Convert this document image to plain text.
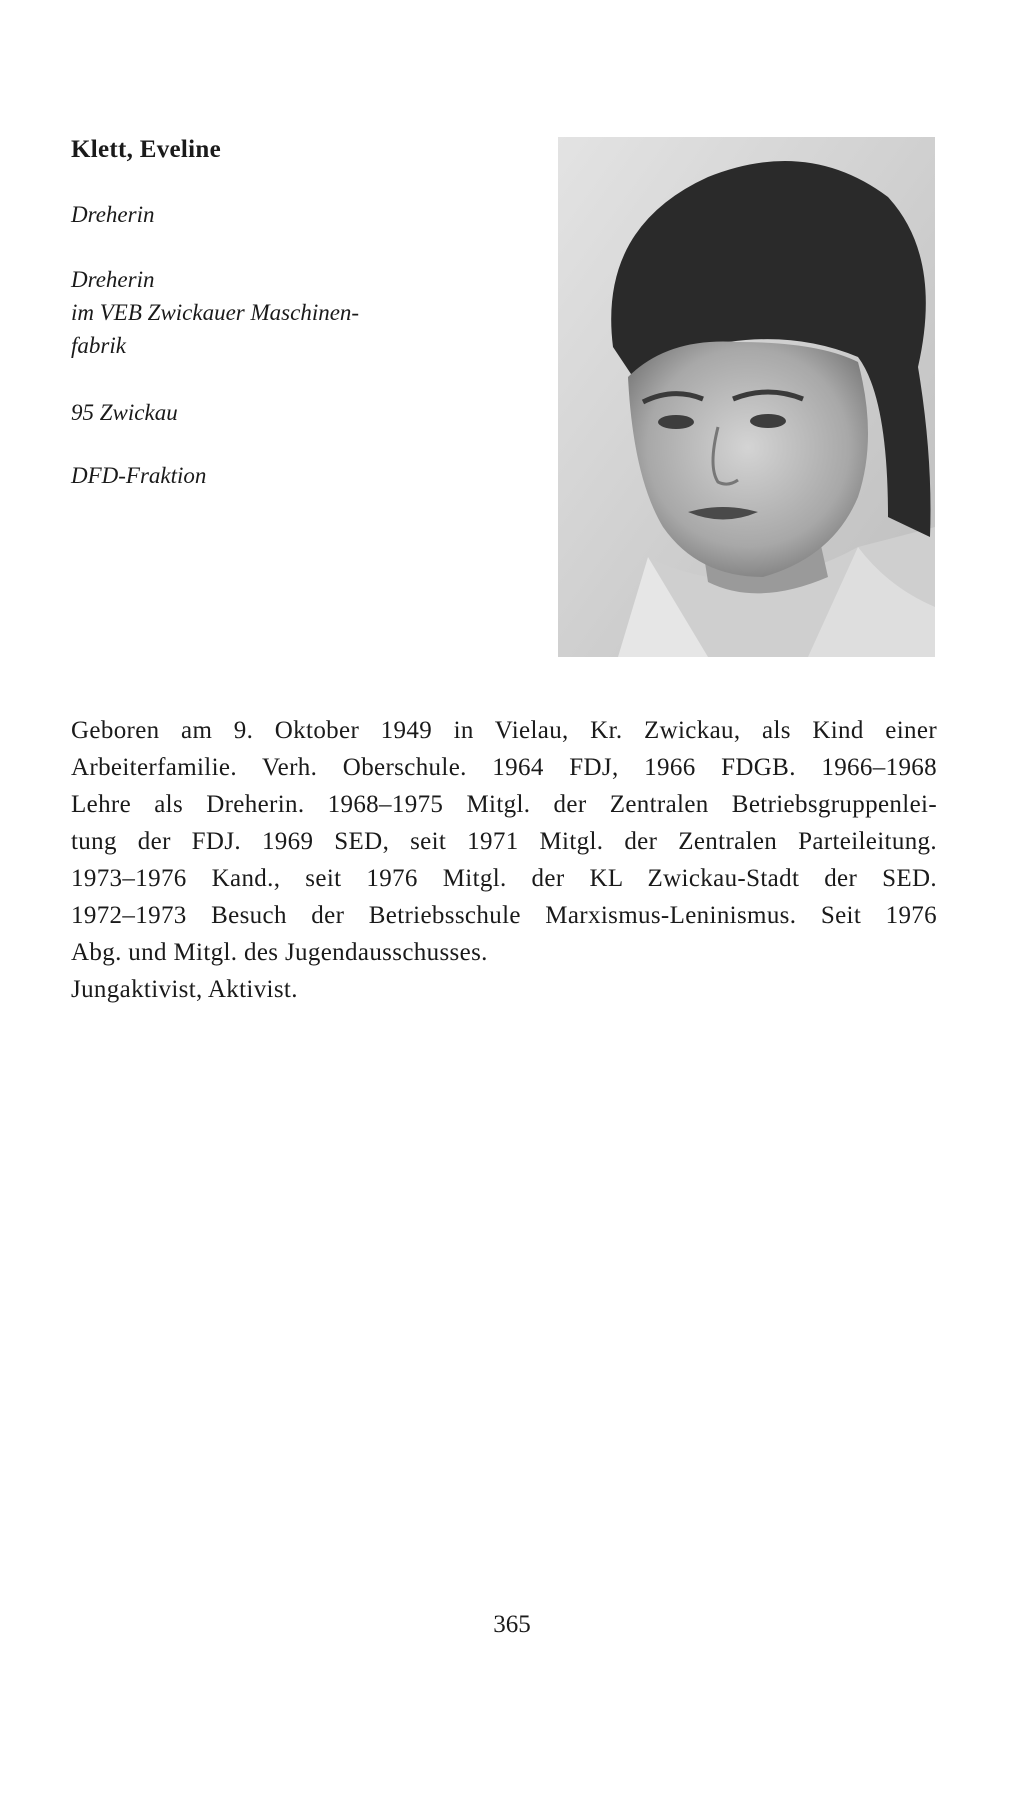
Klett, Eveline

Dreherin

Dreherin
im VEB Zwickauer Maschinen-
fabrik

95 Zwickau

DFD-Fraktion

Geboren am 9. Oktober 1949 in Vielau, Kr. Zwickau, als Kind einer
Arbeiterfamilie. Verh. Oberschule. 1964 FDJ, 1966 FDGB. 1966–1968
Lehre als Dreherin. 1968–1975 Mitgl. der Zentralen Betriebsgruppenlei-
tung der FDJ. 1969 SED, seit 1971 Mitgl. der Zentralen Parteileitung.
1973–1976 Kand., seit 1976 Mitgl. der KL Zwickau-Stadt der SED.
1972–1973 Besuch der Betriebsschule Marxismus-Leninismus. Seit 1976
Abg. und Mitgl. des Jugendausschusses.
Jungaktivist, Aktivist.

365
